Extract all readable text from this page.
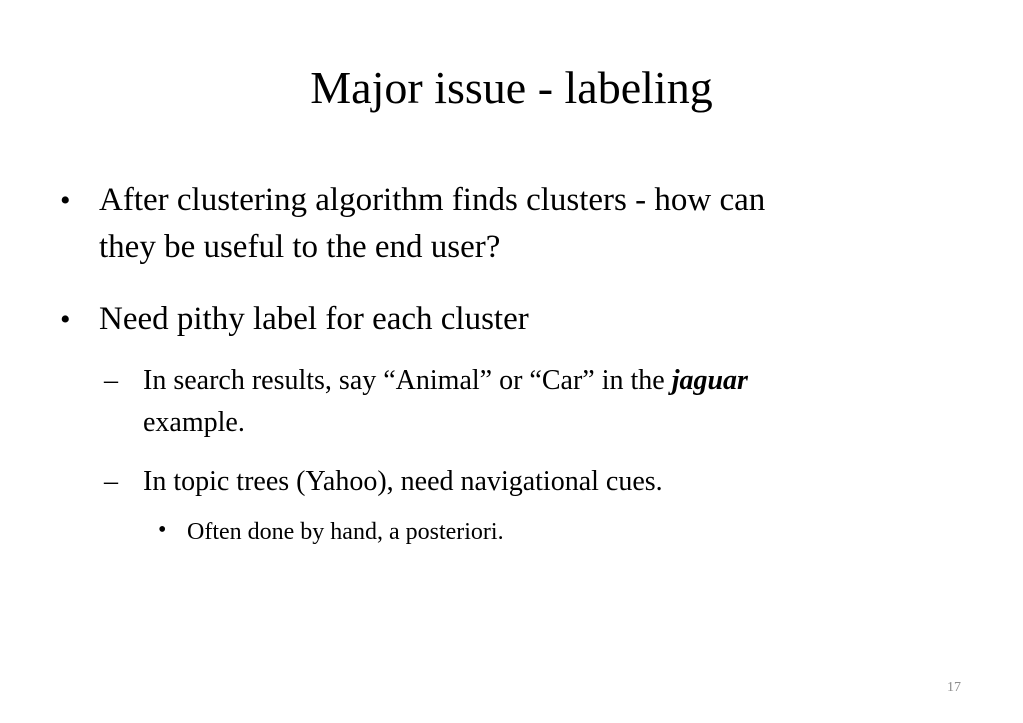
Major issue - labeling
• After clustering algorithm finds clusters - how can
they be useful to the end user?
• Need pithy label for each cluster
– In search results, say “Animal” or “Car” in the jaguar
example.
– In topic trees (Yahoo), need navigational cues.
• Often done by hand, a posteriori.
17
